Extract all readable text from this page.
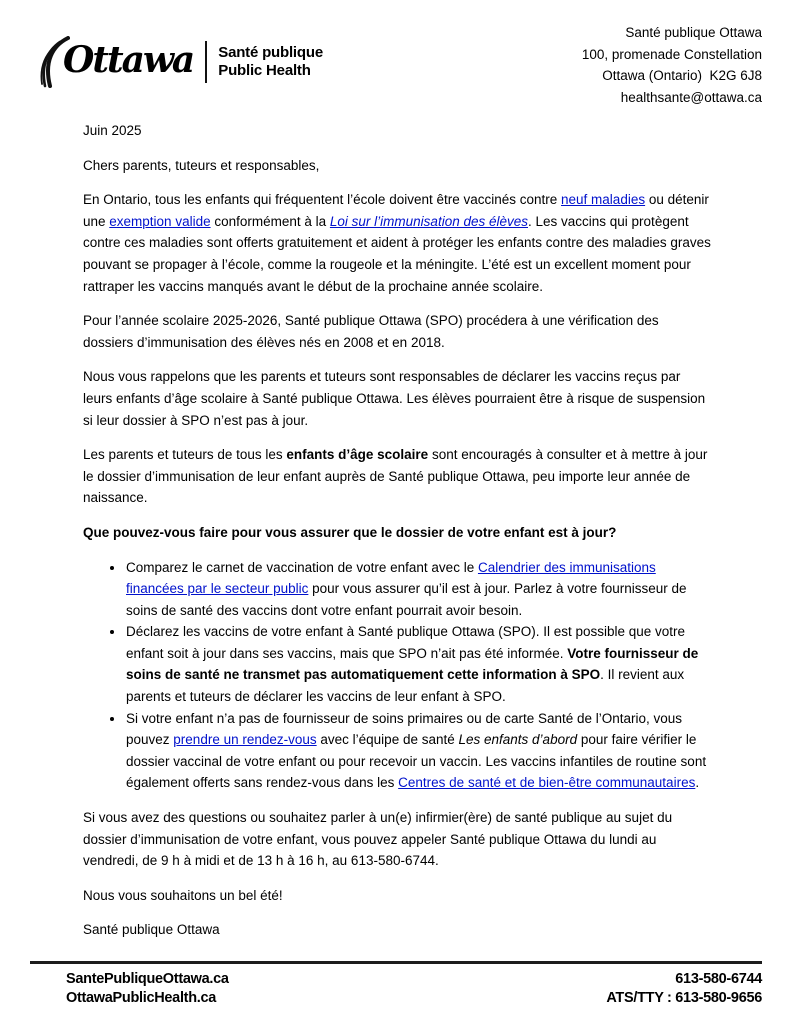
Ottawa Santé publique
Public Health
Santé publique Ottawa
100, promenade Constellation
Ottawa (Ontario)  K2G 6J8
healthsante@ottawa.ca

Juin 2025

Chers parents, tuteurs et responsables,

En Ontario, tous les enfants qui fréquentent l’école doivent être vaccinés contre neuf maladies ou détenir une exemption valide conformément à la Loi sur l’immunisation des élèves. Les vaccins qui protègent contre ces maladies sont offerts gratuitement et aident à protéger les enfants contre des maladies graves pouvant se propager à l’école, comme la rougeole et la méningite. L’été est un excellent moment pour rattraper les vaccins manqués avant le début de la prochaine année scolaire.

Pour l’année scolaire 2025-2026, Santé publique Ottawa (SPO) procédera à une vérification des dossiers d’immunisation des élèves nés en 2008 et en 2018.

Nous vous rappelons que les parents et tuteurs sont responsables de déclarer les vaccins reçus par leurs enfants d’âge scolaire à Santé publique Ottawa. Les élèves pourraient être à risque de suspension si leur dossier à SPO n’est pas à jour.

Les parents et tuteurs de tous les enfants d’âge scolaire sont encouragés à consulter et à mettre à jour le dossier d’immunisation de leur enfant auprès de Santé publique Ottawa, peu importe leur année de naissance.

Que pouvez-vous faire pour vous assurer que le dossier de votre enfant est à jour?

• Comparez le carnet de vaccination de votre enfant avec le Calendrier des immunisations financées par le secteur public pour vous assurer qu’il est à jour. Parlez à votre fournisseur de soins de santé des vaccins dont votre enfant pourrait avoir besoin.
• Déclarez les vaccins de votre enfant à Santé publique Ottawa (SPO). Il est possible que votre enfant soit à jour dans ses vaccins, mais que SPO n’ait pas été informée. Votre fournisseur de soins de santé ne transmet pas automatiquement cette information à SPO. Il revient aux parents et tuteurs de déclarer les vaccins de leur enfant à SPO.
• Si votre enfant n’a pas de fournisseur de soins primaires ou de carte Santé de l’Ontario, vous pouvez prendre un rendez-vous avec l’équipe de santé Les enfants d’abord pour faire vérifier le dossier vaccinal de votre enfant ou pour recevoir un vaccin. Les vaccins infantiles de routine sont également offerts sans rendez-vous dans les Centres de santé et de bien-être communautaires.

Si vous avez des questions ou souhaitez parler à un(e) infirmier(ère) de santé publique au sujet du dossier d’immunisation de votre enfant, vous pouvez appeler Santé publique Ottawa du lundi au vendredi, de 9 h à midi et de 13 h à 16 h, au 613-580-6744.

Nous vous souhaitons un bel été!

Santé publique Ottawa

SantePubliqueOttawa.ca
OttawaPublicHealth.ca
613-580-6744
ATS/TTY : 613-580-9656
